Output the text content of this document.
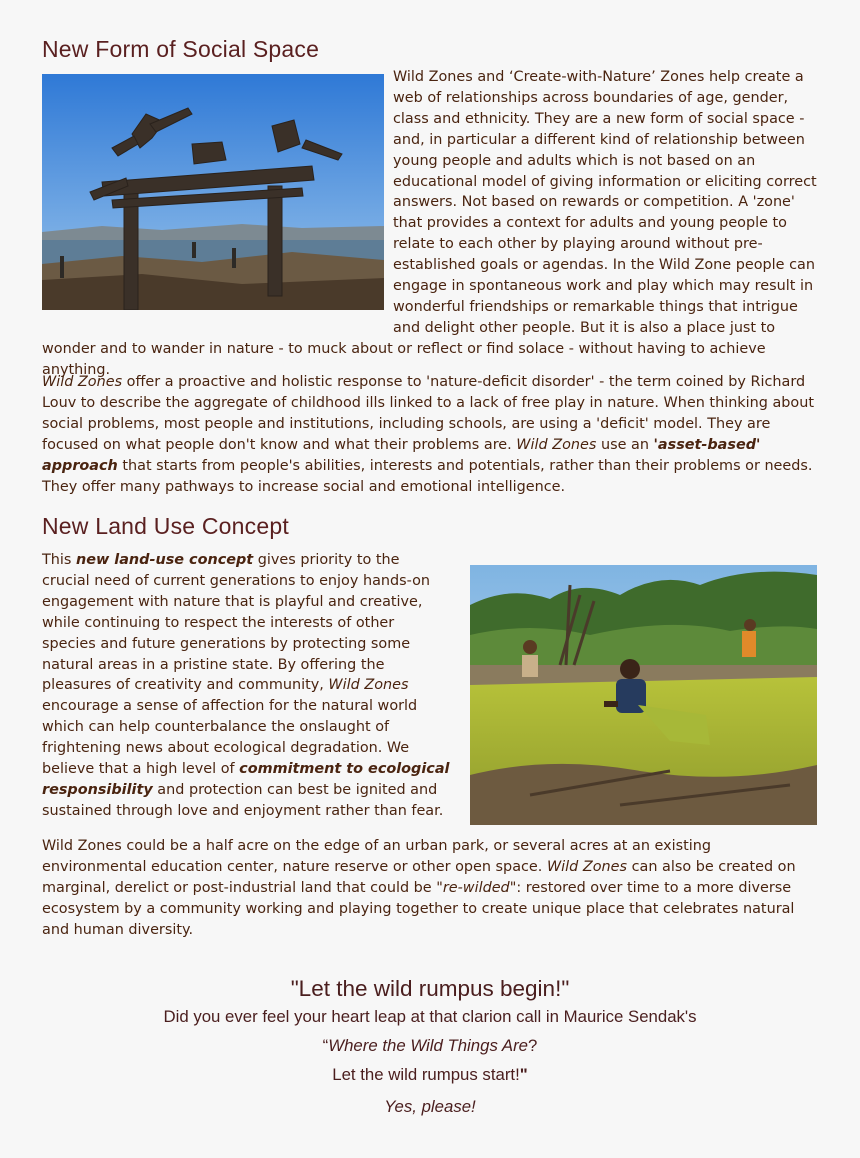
New Form of Social Space

Wild Zones and ‘Create-with-Nature’ Zones help create a web of relationships across boundaries of age, gender, class and ethnicity. They are a new form of social space - and, in particular a different kind of relationship between young people and adults which is not based on an educational model of giving information or eliciting correct answers. Not based on rewards or competition. A 'zone' that provides a context for adults and young people to relate to each other by playing around without pre-established goals or agendas. In the Wild Zone people can engage in spontaneous work and play which may result in wonderful friendships or remarkable things that intrigue and delight other people. But it is also a place just to wonder and to wander in nature - to muck about or reflect or find solace - without having to achieve anything.

Wild Zones offer a proactive and holistic response to 'nature-deficit disorder' - the term coined by Richard Louv to describe the aggregate of childhood ills linked to a lack of free play in nature. When thinking about social problems, most people and institutions, including schools, are using a 'deficit' model. They are focused on what people don't know and what their problems are. Wild Zones use an 'asset-based' approach that starts from people's abilities, interests and potentials, rather than their problems or needs. They offer many pathways to increase social and emotional intelligence.

New Land Use Concept

This new land-use concept gives priority to the crucial need of current generations to enjoy hands-on engagement with nature that is playful and creative, while continuing to respect the interests of other species and future generations by protecting some natural areas in a pristine state. By offering the pleasures of creativity and community, Wild Zones encourage a sense of affection for the natural world which can help counterbalance the onslaught of frightening news about ecological degradation. We believe that a high level of commitment to ecological responsibility and protection can best be ignited and sustained through love and enjoyment rather than fear.

Wild Zones could be a half acre on the edge of an urban park, or several acres at an existing environmental education center, nature reserve or other open space. Wild Zones can also be created on marginal, derelict or post-industrial land that could be "re-wilded": restored over time to a more diverse ecosystem by a community working and playing together to create unique place that celebrates natural and human diversity.

"Let the wild rumpus begin!"
Did you ever feel your heart leap at that clarion call in Maurice Sendak's
“Where the Wild Things Are?
Let the wild rumpus start!"
Yes, please!
